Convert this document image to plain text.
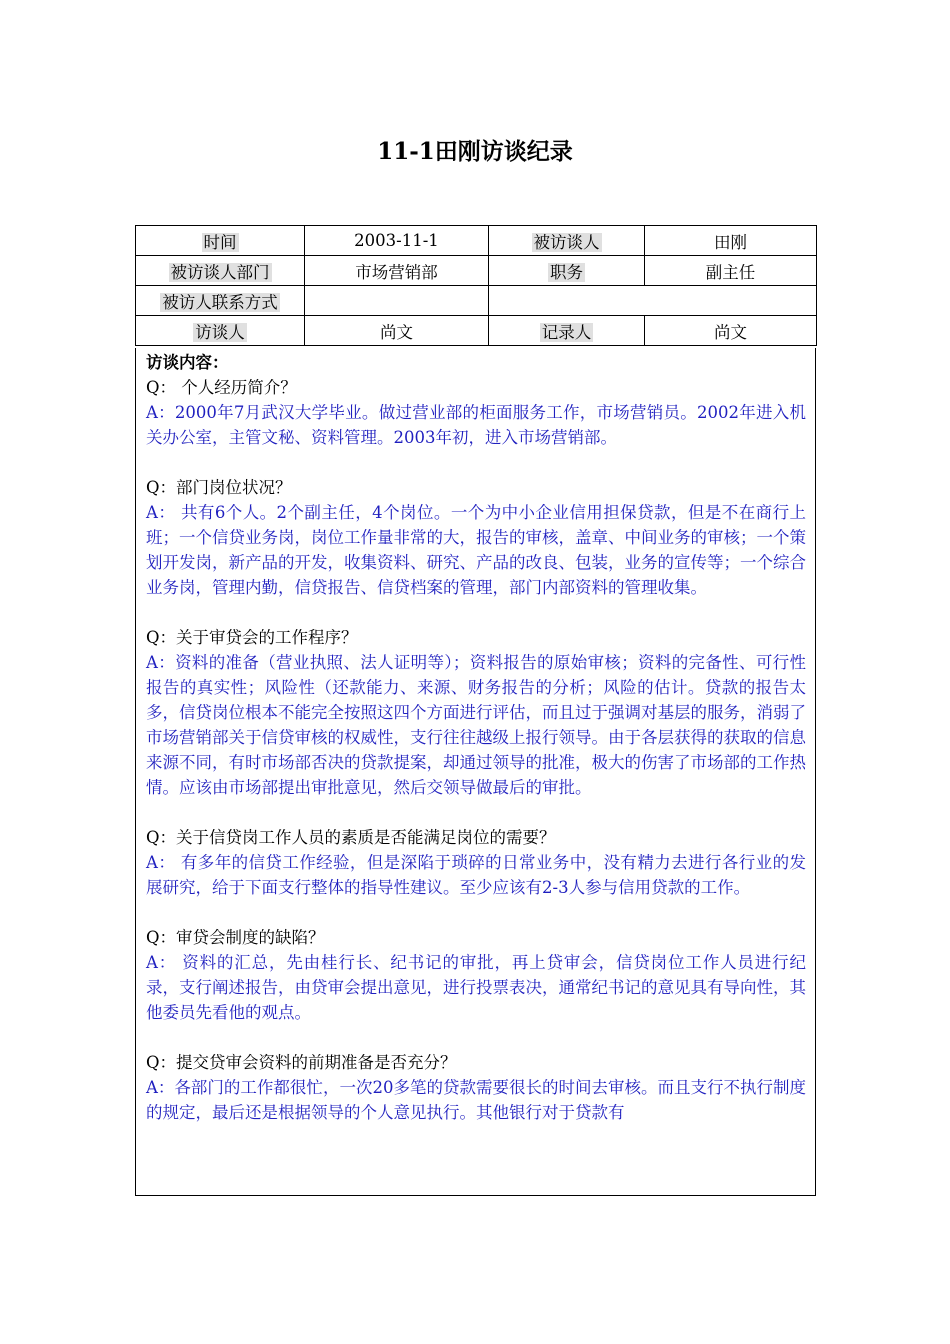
11-1田刚访谈纪录
时间	2003-11-1	被访谈人	田刚
被访谈人部门	市场营销部	职务	副主任
被访人联系方式			
访谈人	尚文	记录人	尚文
访谈内容：
Q： 个人经历简介？
A：2000年7月武汉大学毕业。做过营业部的柜面服务工作，市场营销员。2002年进入机关办公室，主管文秘、资料管理。2003年初，进入市场营销部。
Q：部门岗位状况？
A： 共有6个人。2个副主任，4个岗位。一个为中小企业信用担保贷款，但是不在商行上班；一个信贷业务岗，岗位工作量非常的大，报告的审核，盖章、中间业务的审核；一个策划开发岗，新产品的开发，收集资料、研究、产品的改良、包装，业务的宣传等；一个综合业务岗，管理内勤，信贷报告、信贷档案的管理，部门内部资料的管理收集。
Q：关于审贷会的工作程序？
A：资料的准备（营业执照、法人证明等）；资料报告的原始审核；资料的完备性、可行性报告的真实性；风险性（还款能力、来源、财务报告的分析；风险的估计。贷款的报告太多，信贷岗位根本不能完全按照这四个方面进行评估，而且过于强调对基层的服务，消弱了市场营销部关于信贷审核的权威性，支行往往越级上报行领导。由于各层获得的获取的信息来源不同，有时市场部否决的贷款提案，却通过领导的批准，极大的伤害了市场部的工作热情。应该由市场部提出审批意见，然后交领导做最后的审批。
Q：关于信贷岗工作人员的素质是否能满足岗位的需要？
A： 有多年的信贷工作经验，但是深陷于琐碎的日常业务中，没有精力去进行各行业的发展研究，给于下面支行整体的指导性建议。至少应该有2-3人参与信用贷款的工作。
Q：审贷会制度的缺陷？
A： 资料的汇总，先由桂行长、纪书记的审批，再上贷审会，信贷岗位工作人员进行纪录，支行阐述报告，由贷审会提出意见，进行投票表决，通常纪书记的意见具有导向性，其他委员先看他的观点。
Q：提交贷审会资料的前期准备是否充分？
A：各部门的工作都很忙，一次20多笔的贷款需要很长的时间去审核。而且支行不执行制度的规定，最后还是根据领导的个人意见执行。其他银行对于贷款有
